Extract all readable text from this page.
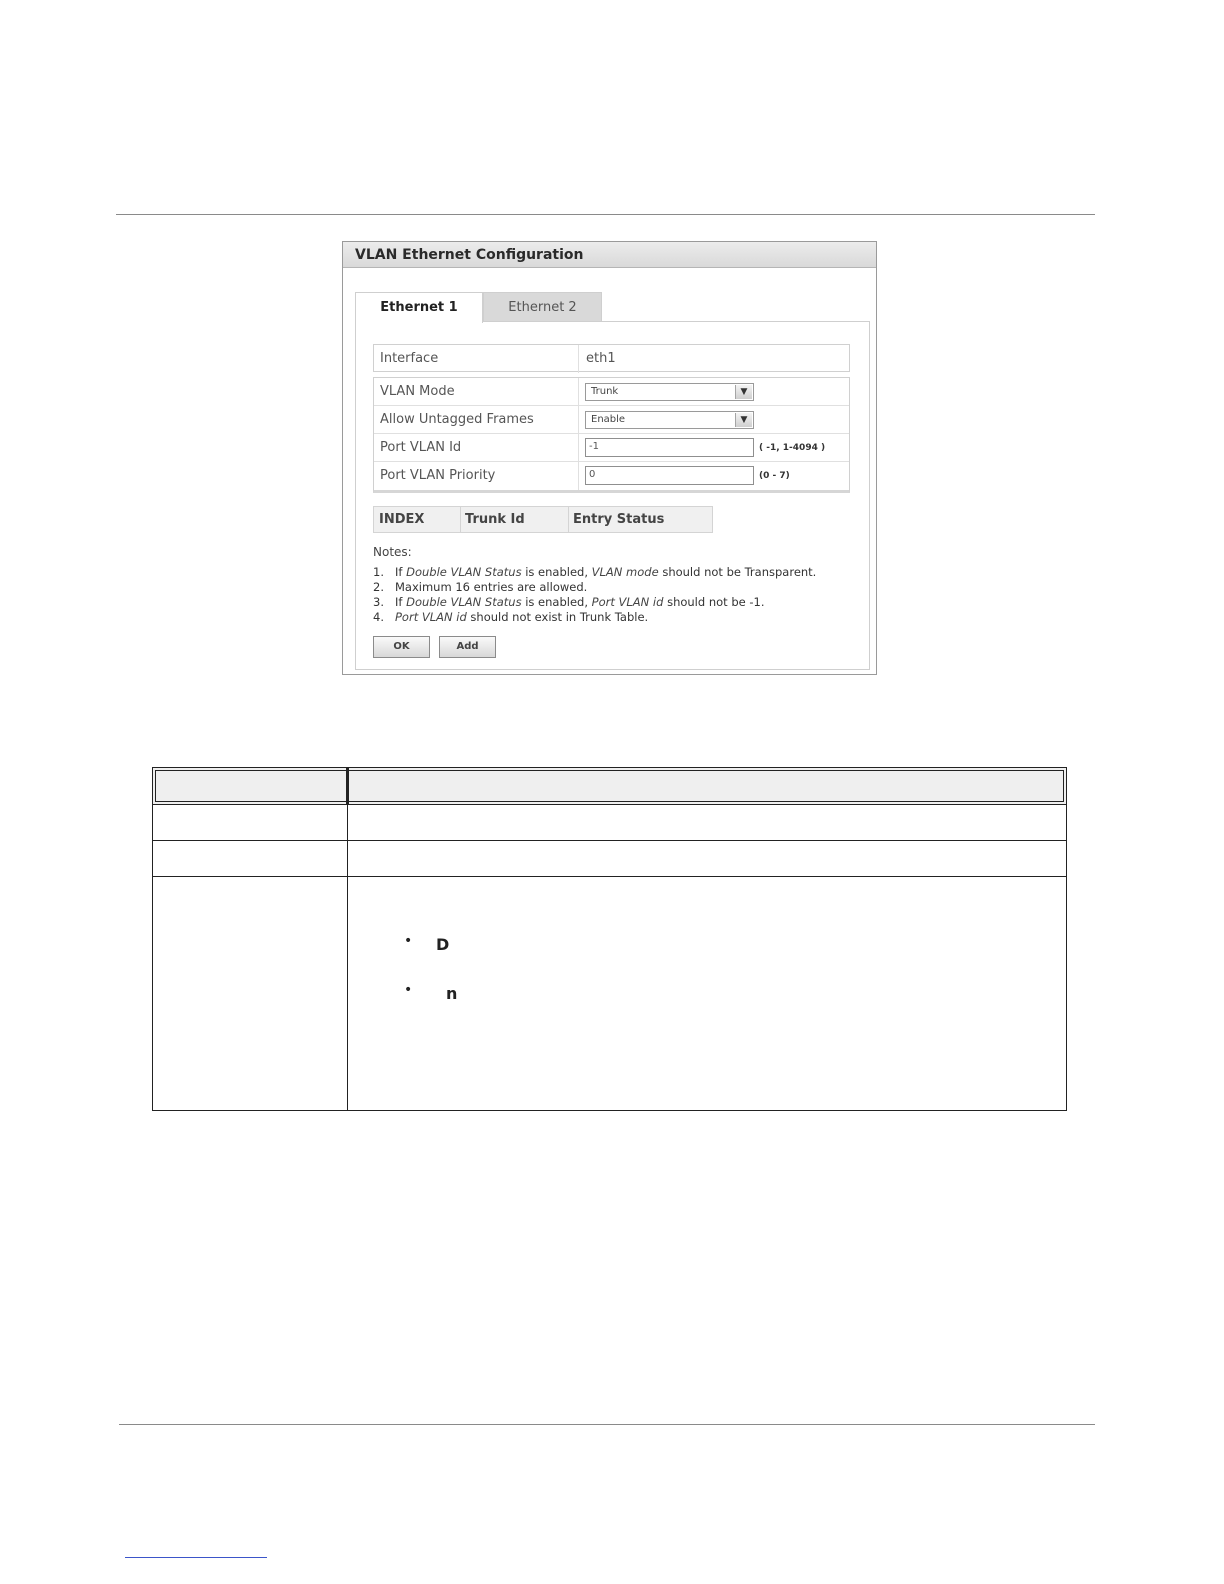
VLAN Ethernet Configuration
Ethernet 1	Ethernet 2
Interface	eth1
VLAN Mode	Trunk	▼
Allow Untagged Frames	Enable	▼
Port VLAN Id	-1	( -1, 1-4094 )
Port VLAN Priority	0	(0 - 7)
INDEX	Trunk Id	Entry Status
Notes:
1. If Double VLAN Status is enabled, VLAN mode should not be Transparent.
2. Maximum 16 entries are allowed.
3. If Double VLAN Status is enabled, Port VLAN id should not be -1.
4. Port VLAN id should not exist in Trunk Table.
OK	Add
• D
• n
